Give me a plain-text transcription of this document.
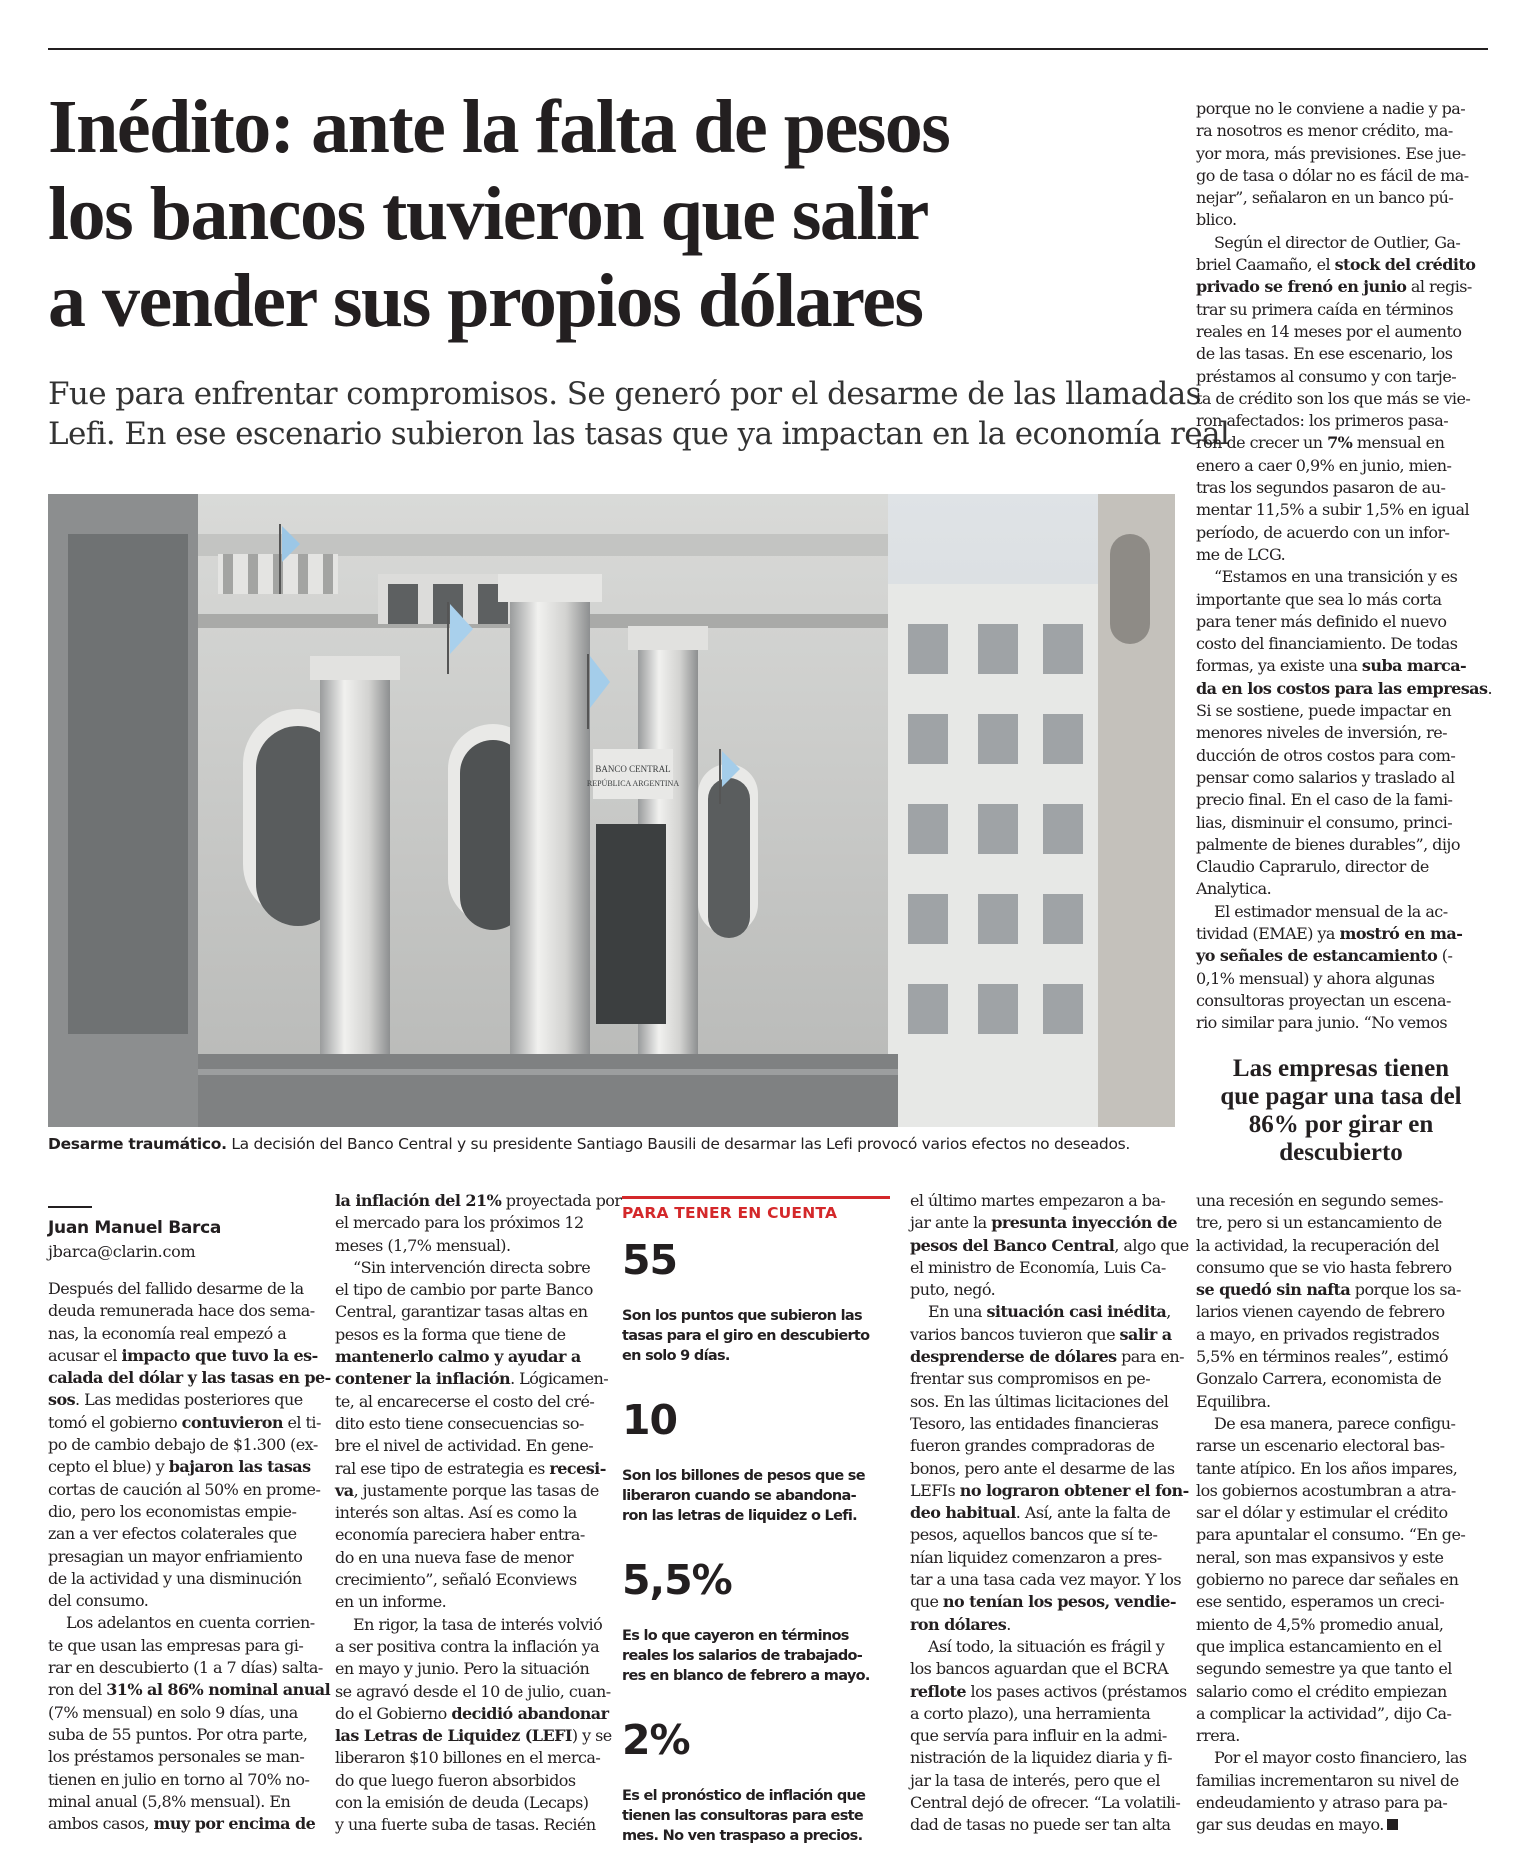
Inédito: ante la falta de pesos
los bancos tuvieron que salir
a vender sus propios dólares

Fue para enfrentar compromisos. Se generó por el desarme de las llamadas
Lefi. En ese escenario subieron las tasas que ya impactan en la economía real

BANCO CENTRAL
REPÚBLICA ARGENTINA
Desarme traumático. La decisión del Banco Central y su presidente Santiago Bausili de desarmar las Lefi provocó varios efectos no deseados.
porque no le conviene a nadie y pa-
ra nosotros es menor crédito, ma-
yor mora, más previsiones. Ese jue-
go de tasa o dólar no es fácil de ma-
nejar”, señalaron en un banco pú-
blico.
Según el director de Outlier, Ga-
briel Caamaño, el stock del crédito
privado se frenó en junio al regis-
trar su primera caída en términos
reales en 14 meses por el aumento
de las tasas. En ese escenario, los
préstamos al consumo y con tarje-
ta de crédito son los que más se vie-
ron afectados: los primeros pasa-
ron de crecer un 7% mensual en
enero a caer 0,9% en junio, mien-
tras los segundos pasaron de au-
mentar 11,5% a subir 1,5% en igual
período, de acuerdo con un infor-
me de LCG.
“Estamos en una transición y es
importante que sea lo más corta
para tener más definido el nuevo
costo del financiamiento. De todas
formas, ya existe una suba marca-
da en los costos para las empresas.
Si se sostiene, puede impactar en
menores niveles de inversión, re-
ducción de otros costos para com-
pensar como salarios y traslado al
precio final. En el caso de la fami-
lias, disminuir el consumo, princi-
palmente de bienes durables”, dijo
Claudio Caprarulo, director de
Analytica.
El estimador mensual de la ac-
tividad (EMAE) ya mostró en ma-
yo señales de estancamiento (-
0,1% mensual) y ahora algunas
consultoras proyectan un escena-
rio similar para junio. “No vemos
Las empresas tienen
que pagar una tasa del
86% por girar en
descubierto
Juan Manuel Barca
jbarca@clarin.com
Después del fallido desarme de la
deuda remunerada hace dos sema-
nas, la economía real empezó a
acusar el impacto que tuvo la es-
calada del dólar y las tasas en pe-
sos. Las medidas posteriores que
tomó el gobierno contuvieron el ti-
po de cambio debajo de $1.300 (ex-
cepto el blue) y bajaron las tasas
cortas de caución al 50% en prome-
dio, pero los economistas empie-
zan a ver efectos colaterales que
presagian un mayor enfriamiento
de la actividad y una disminución
del consumo.
Los adelantos en cuenta corrien-
te que usan las empresas para gi-
rar en descubierto (1 a 7 días) salta-
ron del 31% al 86% nominal anual
(7% mensual) en solo 9 días, una
suba de 55 puntos. Por otra parte,
los préstamos personales se man-
tienen en julio en torno al 70% no-
minal anual (5,8% mensual). En
ambos casos, muy por encima de
la inflación del 21% proyectada por
el mercado para los próximos 12
meses (1,7% mensual).
“Sin intervención directa sobre
el tipo de cambio por parte Banco
Central, garantizar tasas altas en
pesos es la forma que tiene de
mantenerlo calmo y ayudar a
contener la inflación. Lógicamen-
te, al encarecerse el costo del cré-
dito esto tiene consecuencias so-
bre el nivel de actividad. En gene-
ral ese tipo de estrategia es recesi-
va, justamente porque las tasas de
interés son altas. Así es como la
economía pareciera haber entra-
do en una nueva fase de menor
crecimiento”, señaló Econviews
en un informe.
En rigor, la tasa de interés volvió
a ser positiva contra la inflación ya
en mayo y junio. Pero la situación
se agravó desde el 10 de julio, cuan-
do el Gobierno decidió abandonar
las Letras de Liquidez (LEFI) y se
liberaron $10 billones en el merca-
do que luego fueron absorbidos
con la emisión de deuda (Lecaps)
y una fuerte suba de tasas. Recién
PARA TENER EN CUENTA
55
Son los puntos que subieron las
tasas para el giro en descubierto
en solo 9 días.
10
Son los billones de pesos que se
liberaron cuando se abandona-
ron las letras de liquidez o Lefi.
5,5%
Es lo que cayeron en términos
reales los salarios de trabajado-
res en blanco de febrero a mayo.
2%
Es el pronóstico de inflación que
tienen las consultoras para este
mes. No ven traspaso a precios.
el último martes empezaron a ba-
jar ante la presunta inyección de
pesos del Banco Central, algo que
el ministro de Economía, Luis Ca-
puto, negó.
En una situación casi inédita,
varios bancos tuvieron que salir a
desprenderse de dólares para en-
frentar sus compromisos en pe-
sos. En las últimas licitaciones del
Tesoro, las entidades financieras
fueron grandes compradoras de
bonos, pero ante el desarme de las
LEFIs no lograron obtener el fon-
deo habitual. Así, ante la falta de
pesos, aquellos bancos que sí te-
nían liquidez comenzaron a pres-
tar a una tasa cada vez mayor. Y los
que no tenían los pesos, vendie-
ron dólares.
Así todo, la situación es frágil y
los bancos aguardan que el BCRA
reflote los pases activos (préstamos
a corto plazo), una herramienta
que servía para influir en la admi-
nistración de la liquidez diaria y fi-
jar la tasa de interés, pero que el
Central dejó de ofrecer. “La volatili-
dad de tasas no puede ser tan alta
una recesión en segundo semes-
tre, pero si un estancamiento de
la actividad, la recuperación del
consumo que se vio hasta febrero
se quedó sin nafta porque los sa-
larios vienen cayendo de febrero
a mayo, en privados registrados
5,5% en términos reales”, estimó
Gonzalo Carrera, economista de
Equilibra.
De esa manera, parece configu-
rarse un escenario electoral bas-
tante atípico. En los años impares,
los gobiernos acostumbran a atra-
sar el dólar y estimular el crédito
para apuntalar el consumo. “En ge-
neral, son mas expansivos y este
gobierno no parece dar señales en
ese sentido, esperamos un creci-
miento de 4,5% promedio anual,
que implica estancamiento en el
segundo semestre ya que tanto el
salario como el crédito empiezan
a complicar la actividad”, dijo Ca-
rrera.
Por el mayor costo financiero, las
familias incrementaron su nivel de
endeudamiento y atraso para pa-
gar sus deudas en mayo.
